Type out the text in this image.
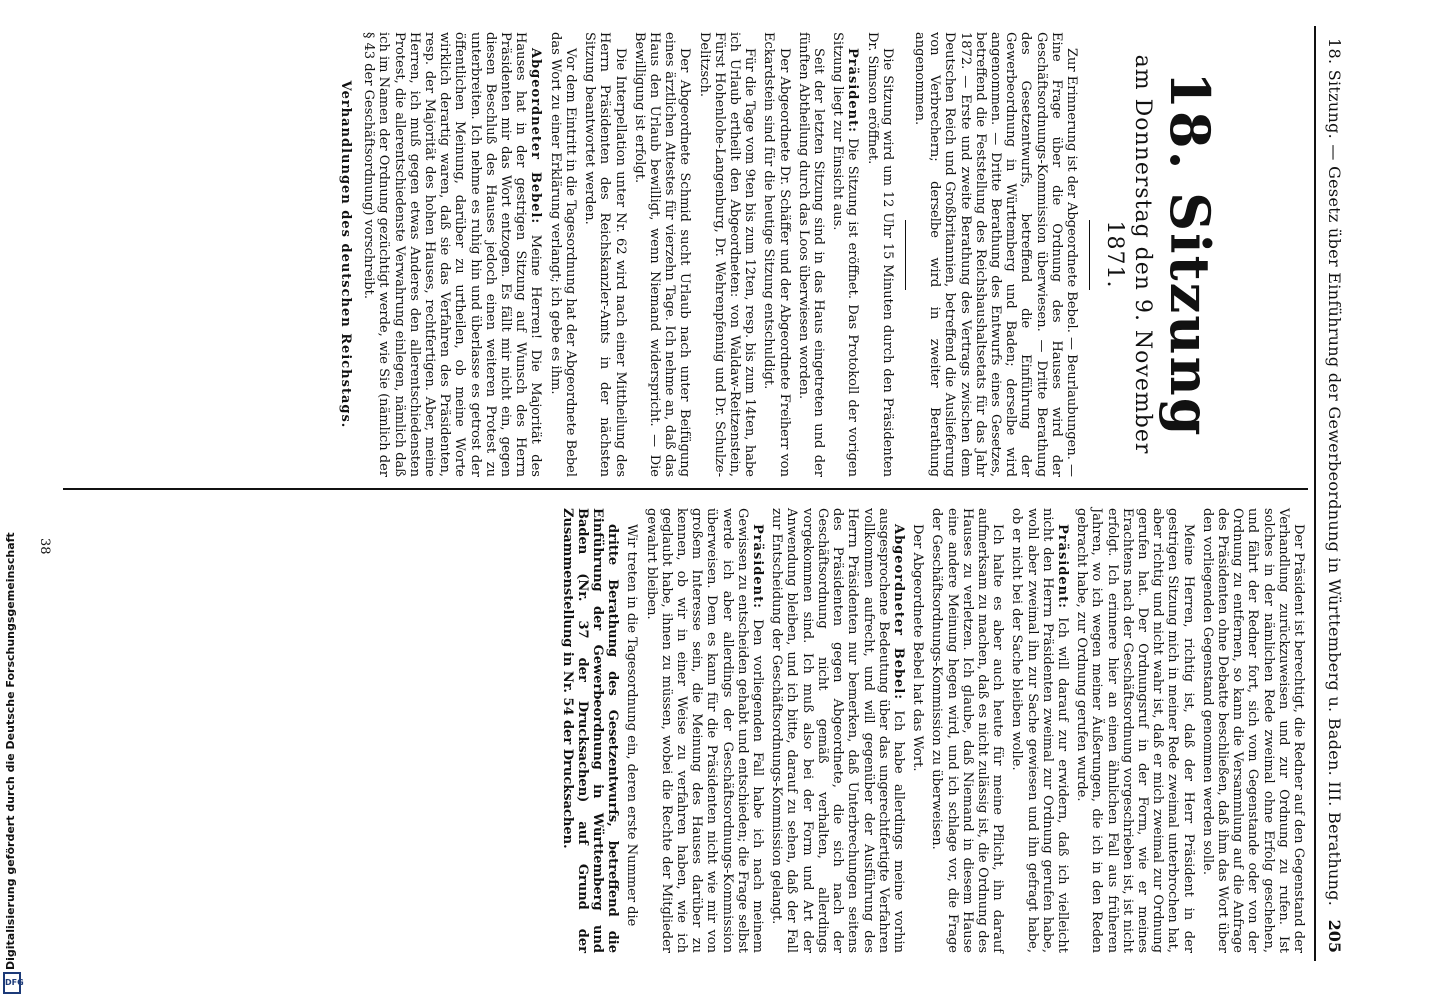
18. Sitzung. — Gesetz über Einführung der Gewerbeordnung in Württemberg u. Baden. III. Berathung.
205
18. Sitzung
am Donnerstag den 9. November 1871.

Zur Erinnerung ist der Abgeordnete Bebel. — Beurlaubungen. — Eine Frage über die Ordnung des Hauses wird der Geschäftsordnungs-Kommission überwiesen. — Dritte Berathung des Gesetzentwurfs, betreffend die Einführung der Gewerbeordnung in Württemberg und Baden; derselbe wird angenommen. — Dritte Berathung des Entwurfs eines Gesetzes, betreffend die Feststellung des Reichshaushaltsetats für das Jahr 1872. — Erste und zweite Berathung des Vertrags zwischen dem Deutschen Reich und Großbritannien, betreffend die Auslieferung von Verbrechern; derselbe wird in zweiter Berathung angenommen.

Die Sitzung wird um 12 Uhr 15 Minuten durch den Präsidenten Dr. Simson eröffnet.

Präsident: Die Sitzung ist eröffnet. Das Protokoll der vorigen Sitzung liegt zur Einsicht aus.

Seit der letzten Sitzung sind in das Haus eingetreten und der fünften Abtheilung durch das Loos überwiesen worden.

Der Abgeordnete Dr. Schäffer und der Abgeordnete Freiherr von Eckardstein sind für die heutige Sitzung entschuldigt.

Für die Tage vom 9ten bis zum 12ten, resp. bis zum 14ten, habe ich Urlaub ertheilt den Abgeordneten: von Waldaw-Reitzenstein, Fürst Hohenlohe-Langenburg, Dr. Wehrenpfennig und Dr. Schulze-Delitzsch.

Der Abgeordnete Schmid sucht Urlaub nach unter Beifügung eines ärztlichen Attestes für vierzehn Tage. Ich nehme an, daß das Haus den Urlaub bewilligt, wenn Niemand widerspricht. — Die Bewilligung ist erfolgt.

Die Interpellation unter Nr. 62 wird nach einer Mittheilung des Herrn Präsidenten des Reichskanzler-Amts in der nächsten Sitzung beantwortet werden.

Vor dem Eintritt in die Tagesordnung hat der Abgeordnete Bebel das Wort zu einer Erklärung verlangt; ich gebe es ihm.

Abgeordneter Bebel: Meine Herren! Die Majorität des Hauses hat in der gestrigen Sitzung auf Wunsch des Herrn Präsidenten mir das Wort entzogen. Es fällt mir nicht ein, gegen diesen Beschluß des Hauses jedoch einen weiteren Protest zu unterbreiten. Ich nehme es ruhig hin und überlasse es getrost der öffentlichen Meinung, darüber zu urtheilen, ob meine Worte wirklich derartig waren, daß sie das Verfahren des Präsidenten, resp. der Majorität des hohen Hauses, rechtfertigen. Aber, meine Herren, ich muß gegen etwas Anderes den allerentschiedensten Protest, die allerentschiedenste Verwahrung einlegen, nämlich daß ich im Namen der Ordnung gezüchtigt werde, wie Sie (nämlich der § 43 der Geschäftsordnung) vorschreibt.

Verhandlungen des deutschen Reichstags.

Der Präsident ist berechtigt, die Redner auf den Gegenstand der Verhandlung zurückzuweisen und zur Ordnung zu rufen. Ist solches in der nämlichen Rede zweimal ohne Erfolg geschehen, und fährt der Redner fort, sich vom Gegenstande oder von der Ordnung zu entfernen, so kann die Versammlung auf die Anfrage des Präsidenten ohne Debatte beschließen, daß ihm das Wort über den vorliegenden Gegenstand genommen werden solle.

Meine Herren, richtig ist, daß der Herr Präsident in der gestrigen Sitzung mich in meiner Rede zweimal unterbrochen hat, aber richtig und nicht wahr ist, daß er mich zweimal zur Ordnung gerufen hat. Der Ordnungsruf in der Form, wie er meines Erachtens nach der Geschäftsordnung vorgeschrieben ist, ist nicht erfolgt. Ich erinnere hier an einen ähnlichen Fall aus früheren Jahren, wo ich wegen meiner Äußerungen, die ich in den Reden gebracht habe, zur Ordnung gerufen wurde.

Präsident: Ich will darauf zur erwidern, daß ich vielleicht nicht den Herrn Präsidenten zweimal zur Ordnung gerufen habe, wohl aber zweimal ihn zur Sache gewiesen und ihn gefragt habe, ob er nicht bei der Sache bleiben wolle.

Ich halte es aber auch heute für meine Pflicht, ihn darauf aufmerksam zu machen, daß es nicht zulässig ist, die Ordnung des Hauses zu verletzen. Ich glaube, daß Niemand in diesem Hause eine andere Meinung hegen wird, und ich schlage vor, die Frage der Geschäftsordnungs-Kommission zu überweisen.

Der Abgeordnete Bebel hat das Wort.

Abgeordneter Bebel: Ich habe allerdings meine vorhin ausgesprochene Bedeutung über das ungerechtfertigte Verfahren vollkommen aufrecht, und will gegenüber der Ausführung des Herrn Präsidenten nur bemerken, daß Unterbrechungen seitens des Präsidenten gegen Abgeordnete, die sich nach der Geschäftsordnung nicht gemäß verhalten, allerdings vorgekommen sind. Ich muß also bei der Form und Art der Anwendung bleiben, und ich bitte, darauf zu sehen, daß der Fall zur Entscheidung der Geschäftsordnungs-Kommission gelangt.

Präsident: Den vorliegenden Fall habe ich nach meinem Gewissen zu entscheiden gehabt und entschieden; die Frage selbst werde ich aber allerdings der Geschäftsordnungs-Kommission überweisen. Dem es kann für die Präsidenten nicht wie mir von großem Interesse sein, die Meinung des Hauses darüber zu kennen, ob wir in einer Weise zu verfahren haben, wie ich geglaubt habe, ihnen zu müssen, wobei die Rechte der Mitglieder gewahrt bleiben.

Wir treten in die Tagesordnung ein, deren erste Nummer die

dritte Berathung des Gesetzentwurfs, betreffend die Einführung der Gewerbeordnung in Württemberg und Baden (Nr. 37 der Drucksachen) auf Grund der Zusammenstellung in Nr. 54 der Drucksachen.

38
Digitalisierung gefördert durch die Deutsche Forschungsgemeinschaft
DFG
